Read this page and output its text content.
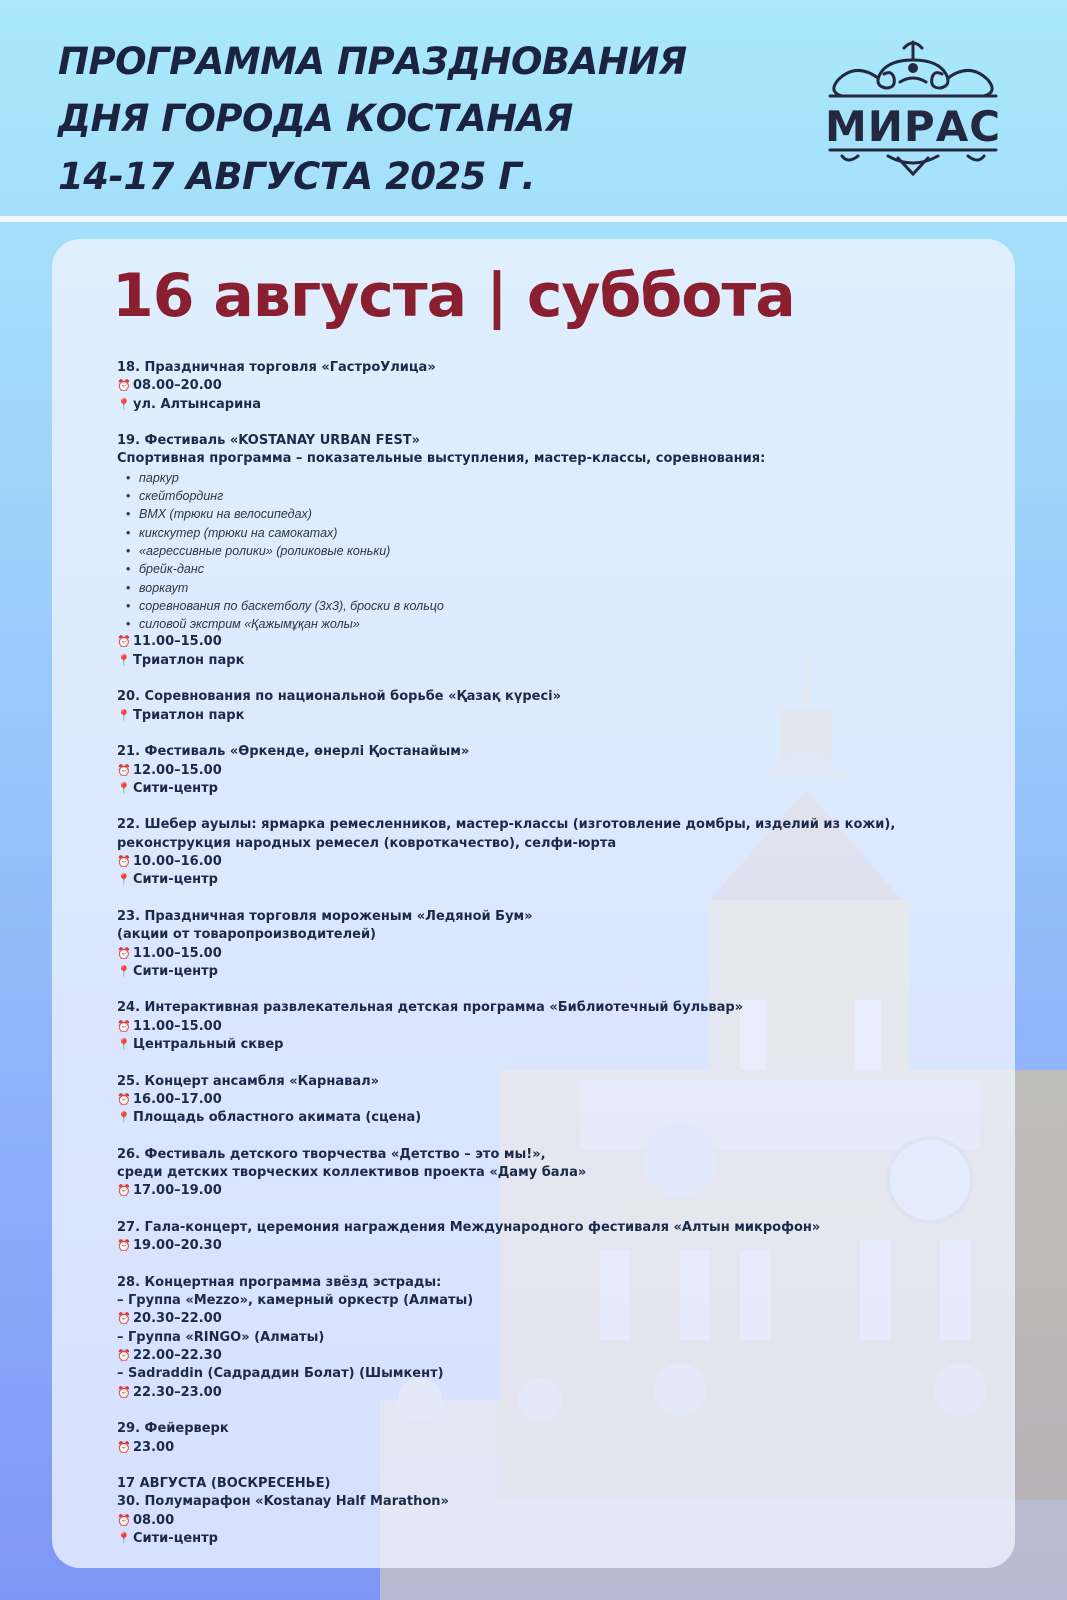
ПРОГРАММА ПРАЗДНОВАНИЯ
ДНЯ ГОРОДА КОСТАНАЯ
14-17 АВГУСТА 2025 Г.
МИРАС
16 августа | суббота
18. Праздничная торговля «ГастроУлица»
⏰ 08.00–20.00
📍 ул. Алтынсарина
19. Фестиваль «KOSTANAY URBAN FEST»
Спортивная программа – показательные выступления, мастер-классы, соревнования:
• паркур
• скейтбординг
• BMX (трюки на велосипедах)
• кикскутер (трюки на самокатах)
• «агрессивные ролики» (роликовые коньки)
• брейк-данс
• воркаут
• соревнования по баскетболу (3х3), броски в кольцо
• силовой экстрим «Қажымұқан жолы»
⏰ 11.00–15.00
📍 Триатлон парк
20. Соревнования по национальной борьбе «Қазақ күресі»
📍 Триатлон парк
21. Фестиваль «Өркенде, өнерлі Қостанайым»
⏰ 12.00–15.00
📍 Сити-центр
22. Шебер ауылы: ярмарка ремесленников, мастер-классы (изготовление домбры, изделий из кожи), реконструкция народных ремесел (ковроткачество), селфи-юрта
⏰ 10.00–16.00
📍 Сити-центр
23. Праздничная торговля мороженым «Ледяной Бум»
(акции от товаропроизводителей)
⏰ 11.00–15.00
📍 Сити-центр
24. Интерактивная развлекательная детская программа «Библиотечный бульвар»
⏰ 11.00–15.00
📍 Центральный сквер
25. Концерт ансамбля «Карнавал»
⏰ 16.00–17.00
📍 Площадь областного акимата (сцена)
26. Фестиваль детского творчества «Детство – это мы!»,
среди детских творческих коллективов проекта «Даму бала»
⏰ 17.00–19.00
27. Гала-концерт, церемония награждения Международного фестиваля «Алтын микрофон»
⏰ 19.00–20.30
28. Концертная программа звёзд эстрады:
– Группа «Mezzo», камерный оркестр (Алматы)
⏰ 20.30–22.00
– Группа «RINGO» (Алматы)
⏰ 22.00–22.30
– Sadraddin (Садраддин Болат) (Шымкент)
⏰ 22.30–23.00
29. Фейерверк
⏰ 23.00
17 АВГУСТА (ВОСКРЕСЕНЬЕ)
30. Полумарафон «Kostanay Half Marathon»
⏰ 08.00
📍 Сити-центр
